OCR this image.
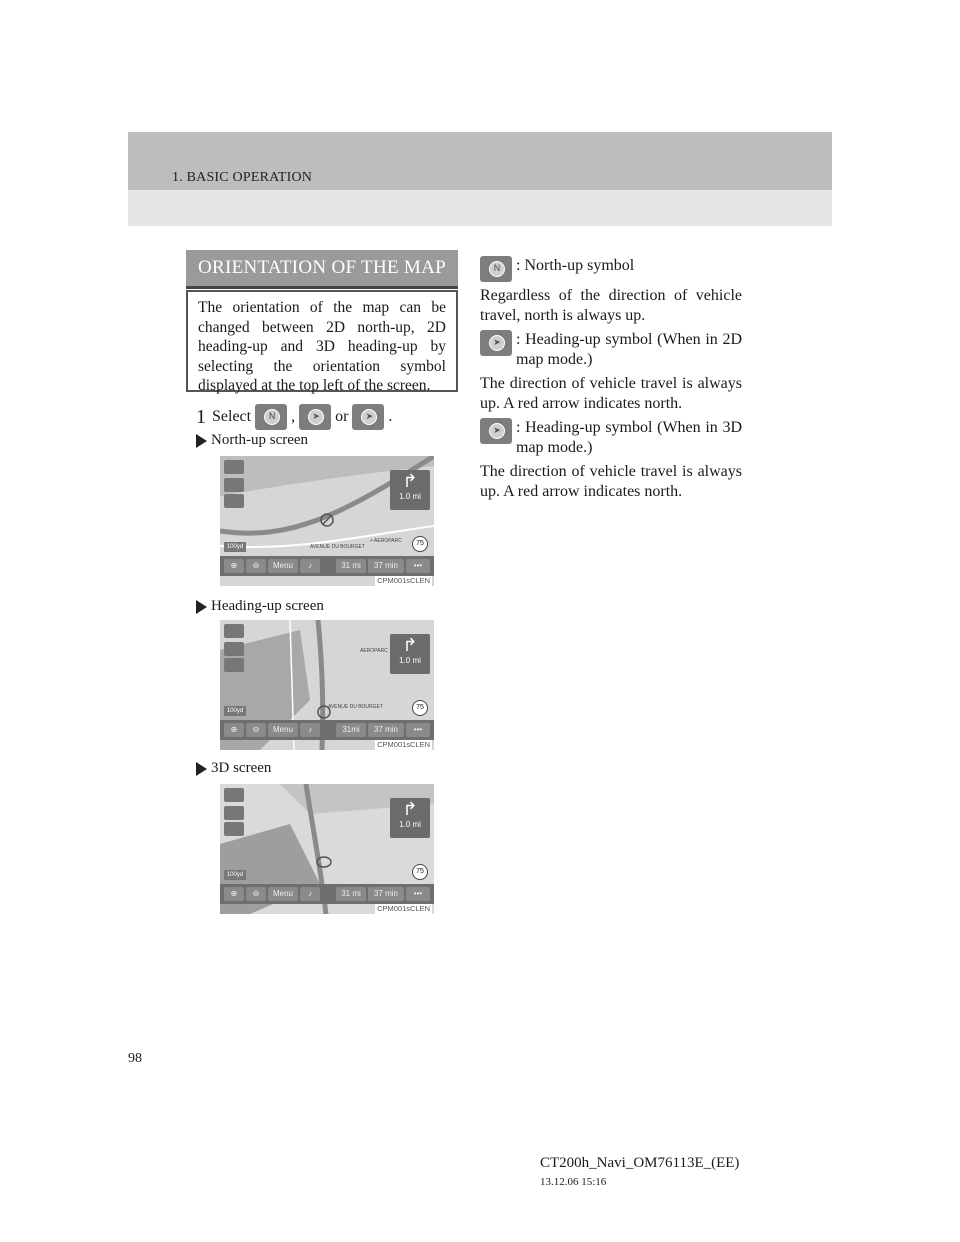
1. BASIC OPERATION
ORIENTATION OF THE MAP
The orientation of the map can be changed between 2D north-up, 2D heading-up and 3D heading-up by selecting the orientation symbol displayed at the top left of the screen.
1 Select	N ,	➤ or	➤ .
North-up screen
↱
1.0 mi
100yd	AVENUE DU BOURGET
+ AEROPARC	75
⊕	⊖	Menu	♪	31 mi	37 min	•••
CPM001sCLEN
Heading-up screen
↱
1.0 mi
100yd
AVENUE DU BOURGET
AEROPARC
75
⊕	⊖	Menu	♪	31mi	37 min	•••
CPM001sCLEN
3D screen
↱
1.0 mi
100yd	75
⊕	⊖	Menu	♪	31 mi	37 min	•••
CPM001sCLEN
N : North-up symbol
Regardless of the direction of vehicle travel, north is always up.
➤ : Heading-up symbol (When in 2D map mode.)
The direction of vehicle travel is always up. A red arrow indicates north.
➤ : Heading-up symbol (When in 3D map mode.)
The direction of vehicle travel is always up. A red arrow indicates north.
98
CT200h_Navi_OM76113E_(EE)
13.12.06 15:16
